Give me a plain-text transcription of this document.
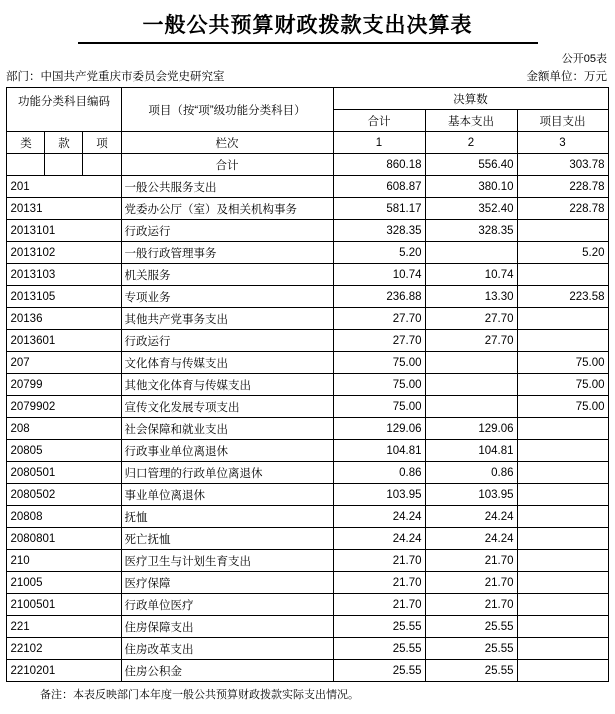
一般公共预算财政拨款支出决算表
公开05表
部门：中国共产党重庆市委员会党史研究室	金额单位：万元
功能分类科目编码			项目（按“项”级功能分类科目）	决算数		
				合计	基本支出	项目支出
类	款	项	栏次	1	2	3
			合计	860.18	556.40	303.78
201			一般公共服务支出	608.87	380.10	228.78
20131			党委办公厅（室）及相关机构事务	581.17	352.40	228.78
2013101			行政运行	328.35	328.35	
2013102			一般行政管理事务	5.20		5.20
2013103			机关服务	10.74	10.74	
2013105			专项业务	236.88	13.30	223.58
20136			其他共产党事务支出	27.70	27.70	
2013601			行政运行	27.70	27.70	
207			文化体育与传媒支出	75.00		75.00
20799			其他文化体育与传媒支出	75.00		75.00
2079902			宣传文化发展专项支出	75.00		75.00
208			社会保障和就业支出	129.06	129.06	
20805			行政事业单位离退休	104.81	104.81	
2080501			归口管理的行政单位离退休	0.86	0.86	
2080502			事业单位离退休	103.95	103.95	
20808			抚恤	24.24	24.24	
2080801			死亡抚恤	24.24	24.24	
210			医疗卫生与计划生育支出	21.70	21.70	
21005			医疗保障	21.70	21.70	
2100501			行政单位医疗	21.70	21.70	
221			住房保障支出	25.55	25.55	
22102			住房改革支出	25.55	25.55	
2210201			住房公积金	25.55	25.55	
备注：本表反映部门本年度一般公共预算财政拨款实际支出情况。
